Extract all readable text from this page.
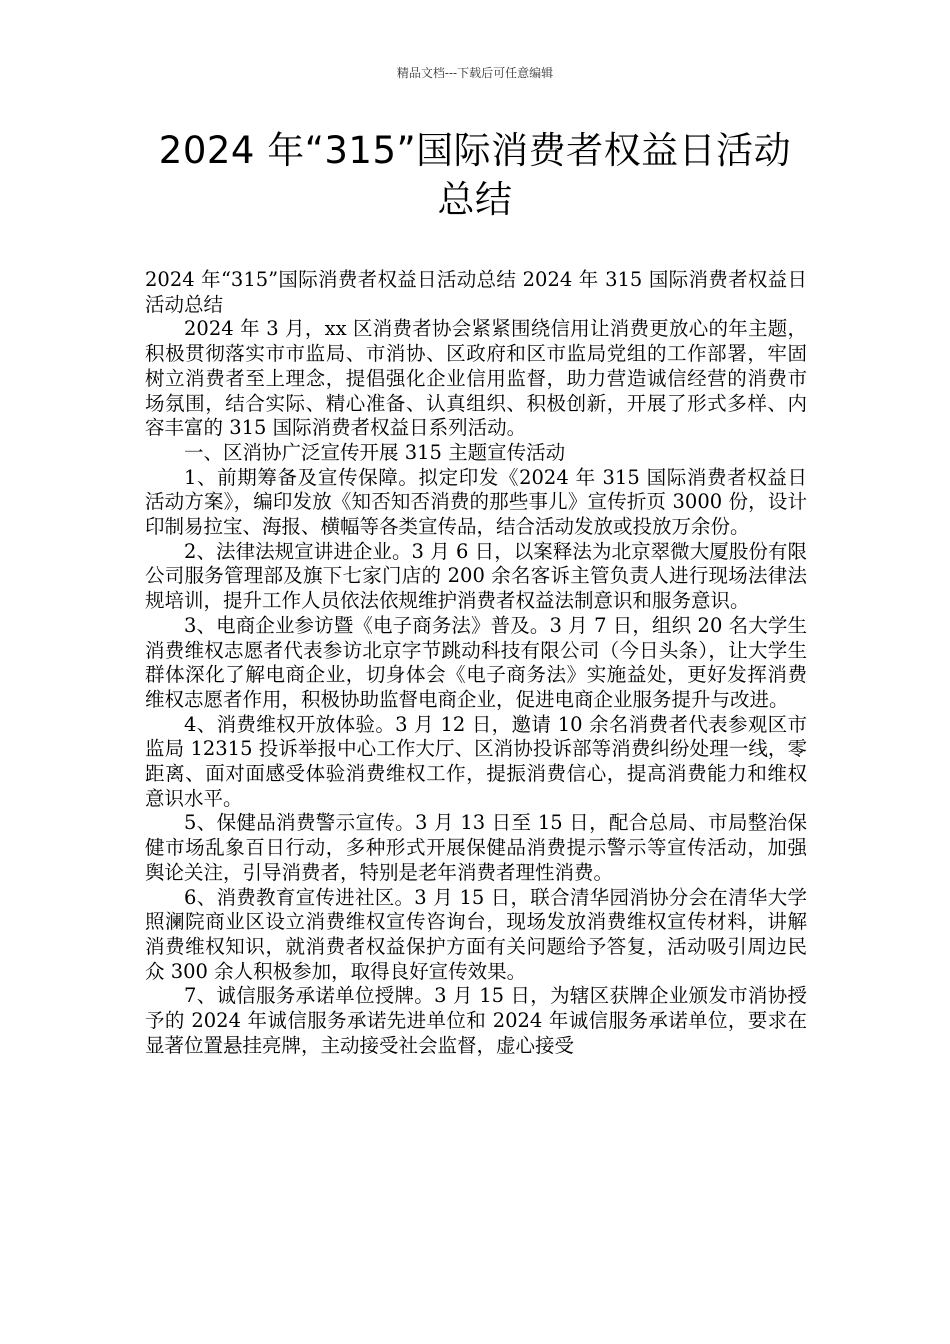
精品文档---下载后可任意编辑
2024 年“315”国际消费者权益日活动
总结

2024 年“315”国际消费者权益日活动总结 2024 年 315 国际消费者权益日活动总结

2024 年 3 月，xx 区消费者协会紧紧围绕信用让消费更放心的年主题，积极贯彻落实市市监局、市消协、区政府和区市监局党组的工作部署，牢固树立消费者至上理念，提倡强化企业信用监督，助力营造诚信经营的消费市场氛围，结合实际、精心准备、认真组织、积极创新，开展了形式多样、内容丰富的 315 国际消费者权益日系列活动。

一、区消协广泛宣传开展 315 主题宣传活动

1、前期筹备及宣传保障。拟定印发《2024 年 315 国际消费者权益日活动方案》，编印发放《知否知否消费的那些事儿》宣传折页 3000 份，设计印制易拉宝、海报、横幅等各类宣传品，结合活动发放或投放万余份。

2、法律法规宣讲进企业。3 月 6 日，以案释法为北京翠微大厦股份有限公司服务管理部及旗下七家门店的 200 余名客诉主管负责人进行现场法律法规培训，提升工作人员依法依规维护消费者权益法制意识和服务意识。

3、电商企业参访暨《电子商务法》普及。3 月 7 日，组织 20 名大学生消费维权志愿者代表参访北京字节跳动科技有限公司（今日头条），让大学生群体深化了解电商企业，切身体会《电子商务法》实施益处，更好发挥消费维权志愿者作用，积极协助监督电商企业，促进电商企业服务提升与改进。

4、消费维权开放体验。3 月 12 日，邀请 10 余名消费者代表参观区市监局 12315 投诉举报中心工作大厅、区消协投诉部等消费纠纷处理一线，零距离、面对面感受体验消费维权工作，提振消费信心，提高消费能力和维权意识水平。

5、保健品消费警示宣传。3 月 13 日至 15 日，配合总局、市局整治保健市场乱象百日行动，多种形式开展保健品消费提示警示等宣传活动，加强舆论关注，引导消费者，特别是老年消费者理性消费。

6、消费教育宣传进社区。3 月 15 日，联合清华园消协分会在清华大学照澜院商业区设立消费维权宣传咨询台，现场发放消费维权宣传材料，讲解消费维权知识，就消费者权益保护方面有关问题给予答复，活动吸引周边民众 300 余人积极参加，取得良好宣传效果。

7、诚信服务承诺单位授牌。3 月 15 日，为辖区获牌企业颁发市消协授予的 2024 年诚信服务承诺先进单位和 2024 年诚信服务承诺单位，要求在显著位置悬挂亮牌，主动接受社会监督，虚心接受
